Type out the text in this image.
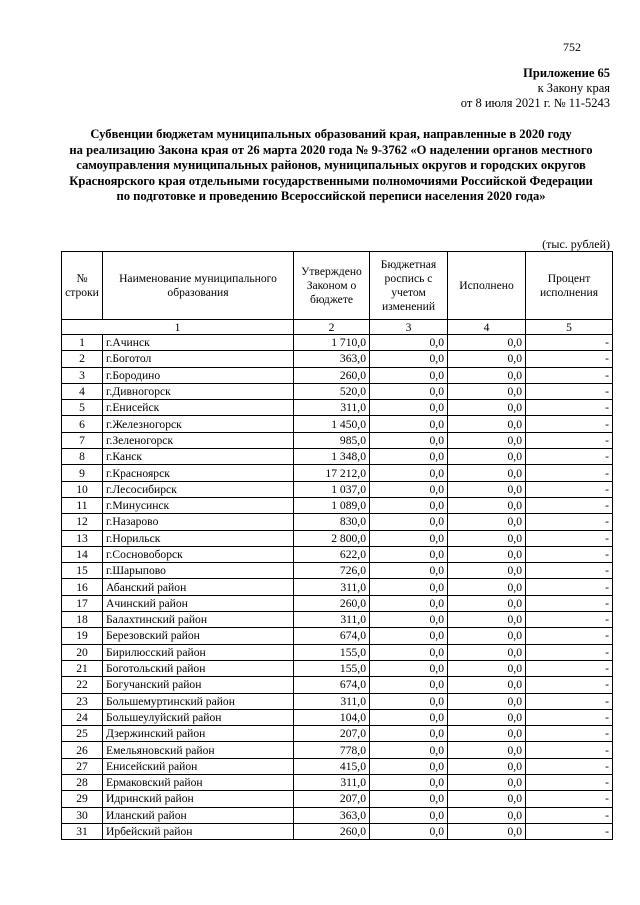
752
Приложение 65
к Закону края
от 8 июля 2021 г. № 11-5243
Субвенции бюджетам муниципальных образований края, направленные в 2020 году
на реализацию Закона края от 26 марта 2020 года № 9-3762 «О наделении органов местного
самоуправления муниципальных районов, муниципальных округов и городских округов
Красноярского края отдельными государственными полномочиями Российской Федерации
по подготовке и проведению Всероссийской переписи населения 2020 года»
(тыс. рублей)
№ строки	Наименование муниципального образования	Утверждено Законом о бюджете	Бюджетная роспись с учетом изменений	Исполнено	Процент исполнения
1		2	3	4	5
1	г.Ачинск	1 710,0	0,0	0,0	-
2	г.Боготол	363,0	0,0	0,0	-
3	г.Бородино	260,0	0,0	0,0	-
4	г.Дивногорск	520,0	0,0	0,0	-
5	г.Енисейск	311,0	0,0	0,0	-
6	г.Железногорск	1 450,0	0,0	0,0	-
7	г.Зеленогорск	985,0	0,0	0,0	-
8	г.Канск	1 348,0	0,0	0,0	-
9	г.Красноярск	17 212,0	0,0	0,0	-
10	г.Лесосибирск	1 037,0	0,0	0,0	-
11	г.Минусинск	1 089,0	0,0	0,0	-
12	г.Назарово	830,0	0,0	0,0	-
13	г.Норильск	2 800,0	0,0	0,0	-
14	г.Сосновоборск	622,0	0,0	0,0	-
15	г.Шарыпово	726,0	0,0	0,0	-
16	Абанский район	311,0	0,0	0,0	-
17	Ачинский район	260,0	0,0	0,0	-
18	Балахтинский район	311,0	0,0	0,0	-
19	Березовский район	674,0	0,0	0,0	-
20	Бирилюсский район	155,0	0,0	0,0	-
21	Боготольский район	155,0	0,0	0,0	-
22	Богучанский район	674,0	0,0	0,0	-
23	Большемуртинский район	311,0	0,0	0,0	-
24	Большеулуйский район	104,0	0,0	0,0	-
25	Дзержинский район	207,0	0,0	0,0	-
26	Емельяновский район	778,0	0,0	0,0	-
27	Енисейский район	415,0	0,0	0,0	-
28	Ермаковский район	311,0	0,0	0,0	-
29	Идринский район	207,0	0,0	0,0	-
30	Иланский район	363,0	0,0	0,0	-
31	Ирбейский район	260,0	0,0	0,0	-
